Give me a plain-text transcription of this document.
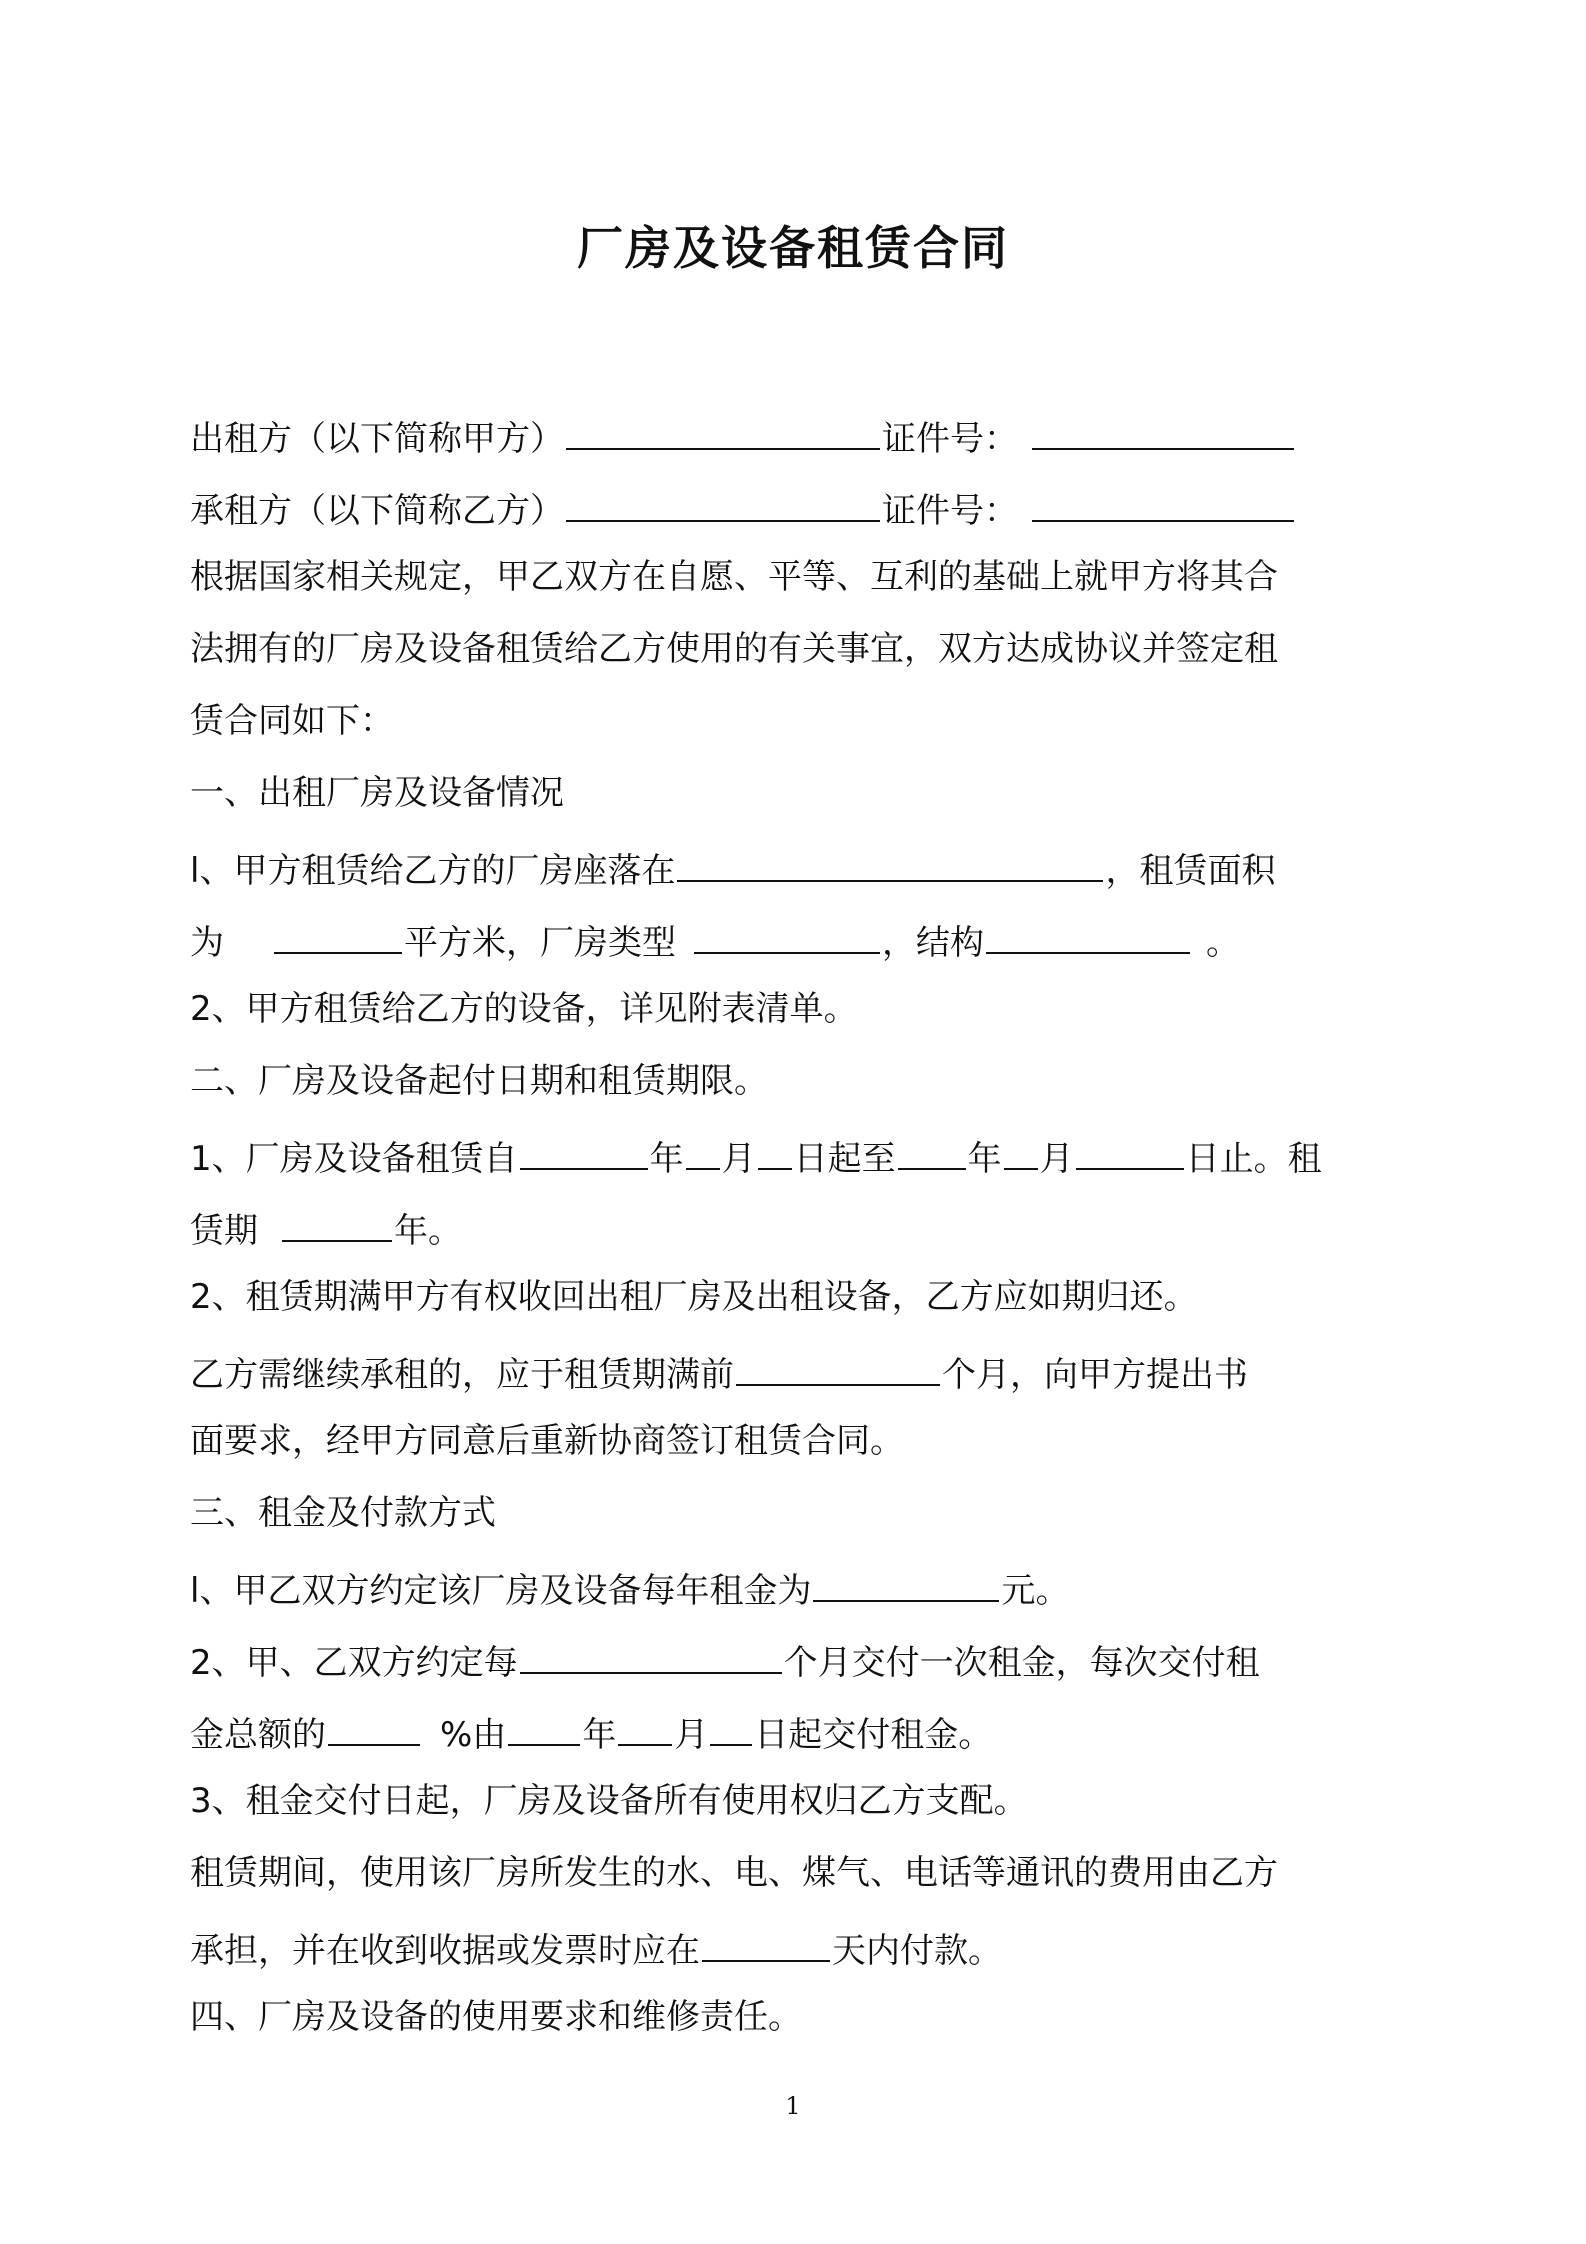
厂房及设备租赁合同
出租方（以下简称甲方）	证件号：
承租方（以下简称乙方）	证件号：
根据国家相关规定，甲乙双方在自愿、平等、互利的基础上就甲方将其合
法拥有的厂房及设备租赁给乙方使用的有关事宜，双方达成协议并签定租
赁合同如下：
一、出租厂房及设备情况
l、甲方租赁给乙方的厂房座落在	，租赁面积
为	平方米，厂房类型	，结构	。
2、甲方租赁给乙方的设备，详见附表清单。
二、厂房及设备起付日期和租赁期限。
1、厂房及设备租赁自	年 月 日起至 年 月	日止。租
赁期	年。
2、租赁期满甲方有权收回出租厂房及出租设备，乙方应如期归还。
乙方需继续承租的，应于租赁期满前	个月，向甲方提出书
面要求，经甲方同意后重新协商签订租赁合同。
三、租金及付款方式
l、甲乙双方约定该厂房及设备每年租金为	元。
2、甲、乙双方约定每	个月交付一次租金，每次交付租
金总额的	%由 年 月 日起交付租金。
3、租金交付日起，厂房及设备所有使用权归乙方支配。
租赁期间，使用该厂房所发生的水、电、煤气、电话等通讯的费用由乙方
承担，并在收到收据或发票时应在	天内付款。
四、厂房及设备的使用要求和维修责任。
1
